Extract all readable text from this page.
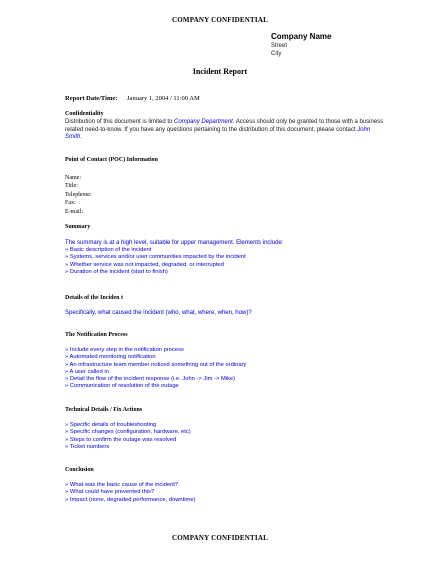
COMPANY CONFIDENTIAL
Company Name
Street
City
Incident Report
Report Date/Time: January 1, 2004 / 11:00 AM
Confidentiality
Distribution of this document is limited to Company Department. Access should only be granted to those with a business related need-to-know. If you have any questions pertaining to the distribution of this document, please contact John Smith.
Point of Contact (POC) Information
Name:
Title:
Telephone:
Fax:
E-mail:
Summary
The summary is at a high level, suitable for upper management. Elements include:
» Basic description of the incident
» Systems, services and/or user communities impacted by the incident
» Whether service was not impacted, degraded, or interrupted
» Duration of the incident (start to finish)
Details of the Inciden t
Specifically, what caused the incident (who, what, where, when, how)?
The Notification Process
» Include every step in the notification process
» Automated monitoring notification
» An infrastructure team member noticed something out of the ordinary
» A user called in
» Detail the flow of the incident response (i.e. John -> Jim -> Mike)
» Communication of resolution of the outage
Technical Details / Fix Actions
» Specific details of troubleshooting
» Specific changes (configuration, hardware, etc)
» Steps to confirm the outage was resolved
» Ticket numbers
Conclusion
» What was the basic cause of the incident?
» What could have prevented this?
» Impact (none, degraded performance, downtime)
COMPANY CONFIDENTIAL
